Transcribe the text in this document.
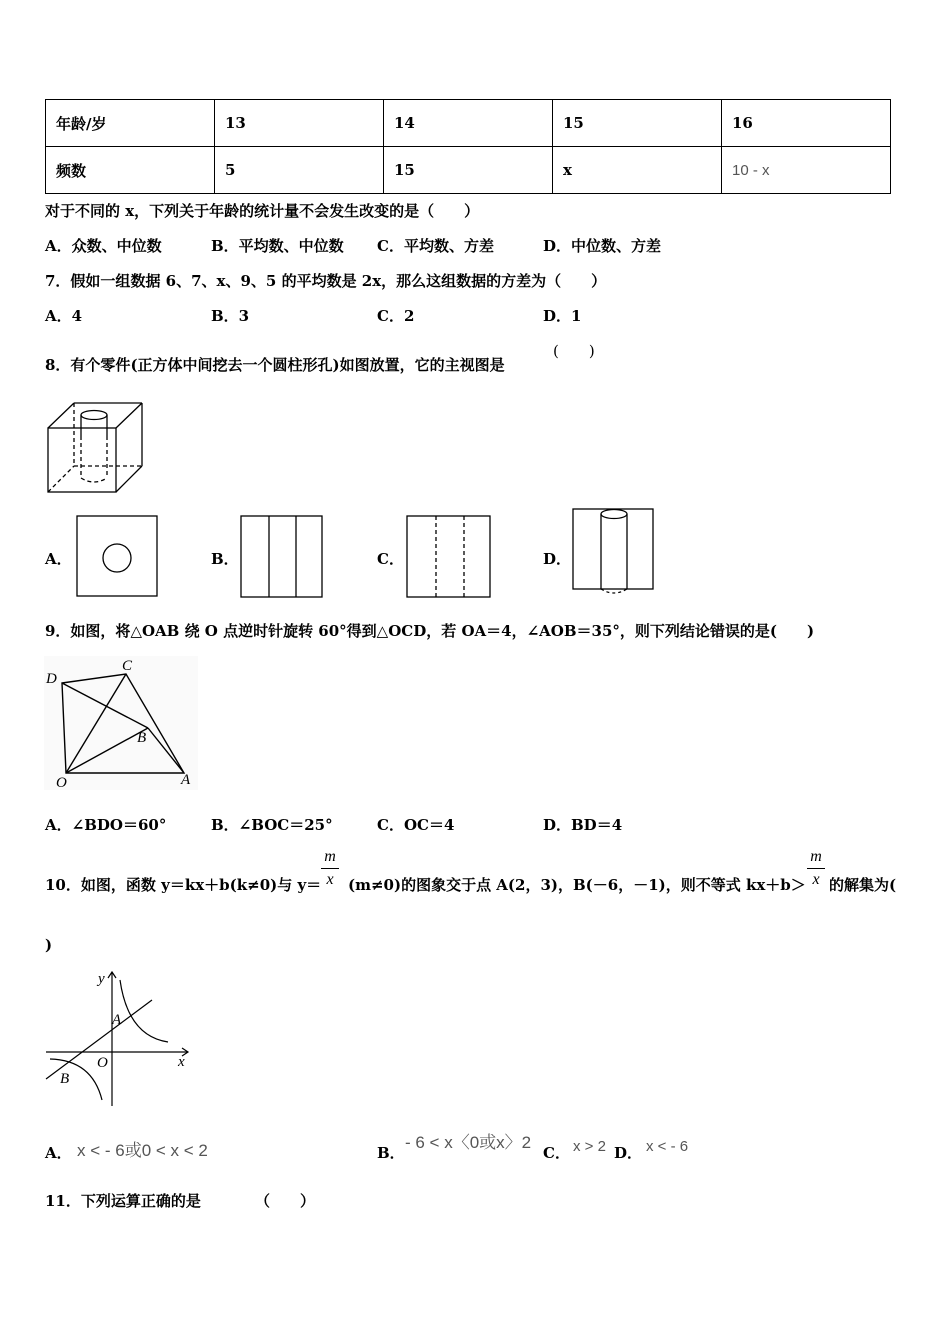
年龄/岁	13	14	15	16
频数	5	15	x	10 - x
对于不同的 x，下列关于年龄的统计量不会发生改变的是（　　）
A．众数、中位数	B．平均数、中位数 C．平均数、方差	D．中位数、方差
7．假如一组数据 6、7、x、9、5 的平均数是 2x，那么这组数据的方差为（　　）
A．4	B．3	C．2	D．1
8．有个零件(正方体中间挖去一个圆柱形孔)如图放置，它的主视图是
(　　)
A．	B．	C．	D．
9．如图，将△OAB 绕 O 点逆时针旋转 60°得到△OCD，若 OA＝4，∠AOB＝35°，则下列结论错误的是(　　)
D
C
B
O	A
A．∠BDO＝60°	B．∠BOC＝25°	C．OC＝4	D．BD＝4
10．如图，函数 y＝kx＋b(k≠0)与 y＝
m
x (m≠0)的图象交于点 A(2，3)，B(－6，－1)，则不等式 kx＋b＞
m
x 的解集为(
)
y
x
O
A
B
A． x < - 6或0 < x < 2	B．
- 6 < x〈0或x〉2
C． x > 2 D． x < - 6
11．下列运算正确的是	（　　）
